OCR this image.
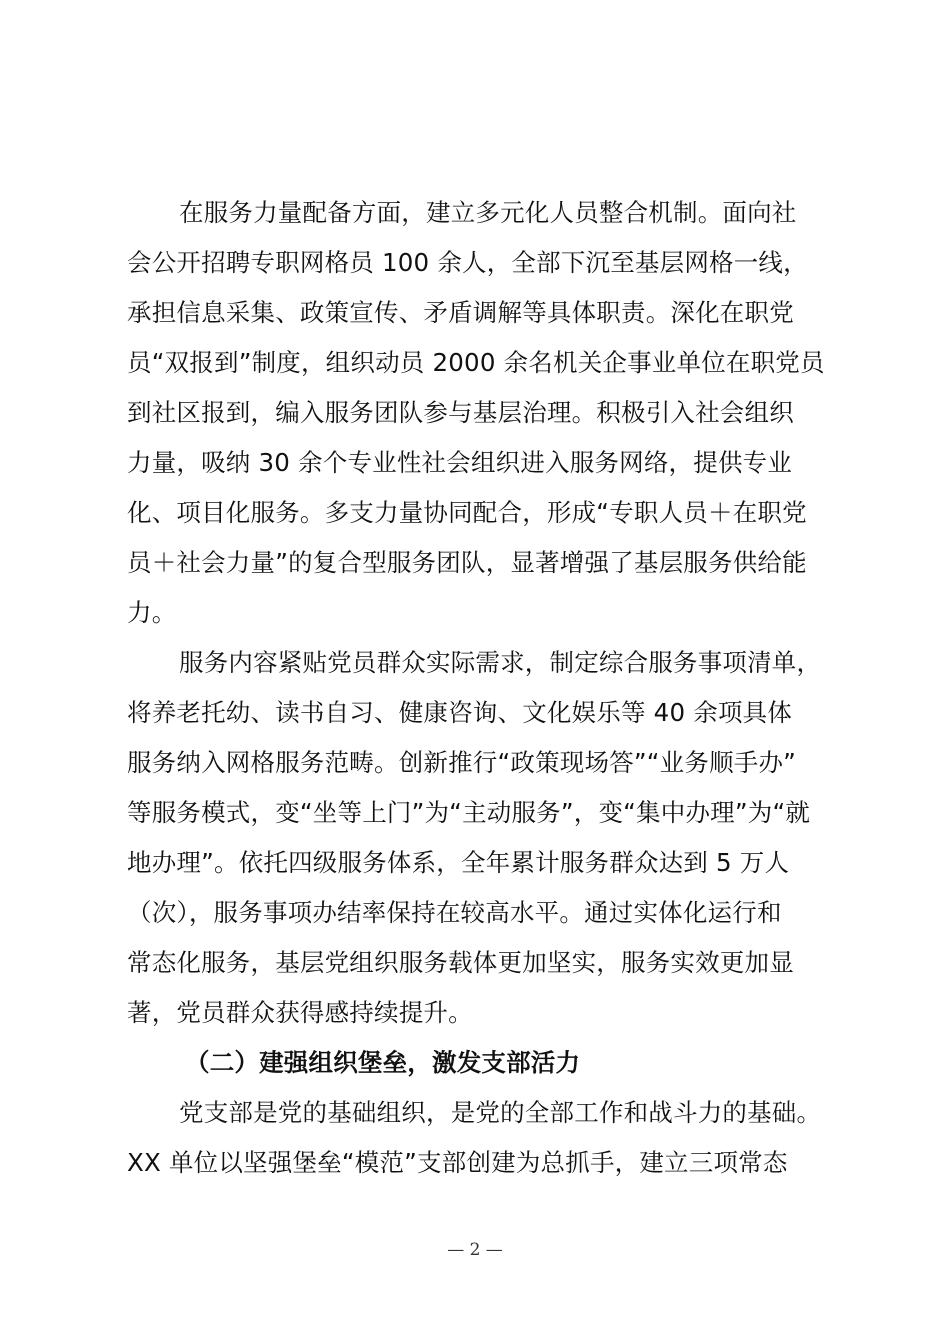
在服务力量配备方面，建立多元化人员整合机制。面向社
会公开招聘专职网格员 100 余人，全部下沉至基层网格一线，
承担信息采集、政策宣传、矛盾调解等具体职责。深化在职党
员“双报到”制度，组织动员 2000 余名机关企事业单位在职党员
到社区报到，编入服务团队参与基层治理。积极引入社会组织
力量，吸纳 30 余个专业性社会组织进入服务网络，提供专业
化、项目化服务。多支力量协同配合，形成“专职人员＋在职党
员＋社会力量”的复合型服务团队，显著增强了基层服务供给能
力。
服务内容紧贴党员群众实际需求，制定综合服务事项清单，
将养老托幼、读书自习、健康咨询、文化娱乐等 40 余项具体
服务纳入网格服务范畴。创新推行“政策现场答”“业务顺手办”
等服务模式，变“坐等上门”为“主动服务”，变“集中办理”为“就
地办理”。依托四级服务体系，全年累计服务群众达到 5 万人
（次），服务事项办结率保持在较高水平。通过实体化运行和
常态化服务，基层党组织服务载体更加坚实，服务实效更加显
著，党员群众获得感持续提升。
（二）建强组织堡垒，激发支部活力
党支部是党的基础组织，是党的全部工作和战斗力的基础。
XX 单位以坚强堡垒“模范”支部创建为总抓手，建立三项常态
— 2 —
